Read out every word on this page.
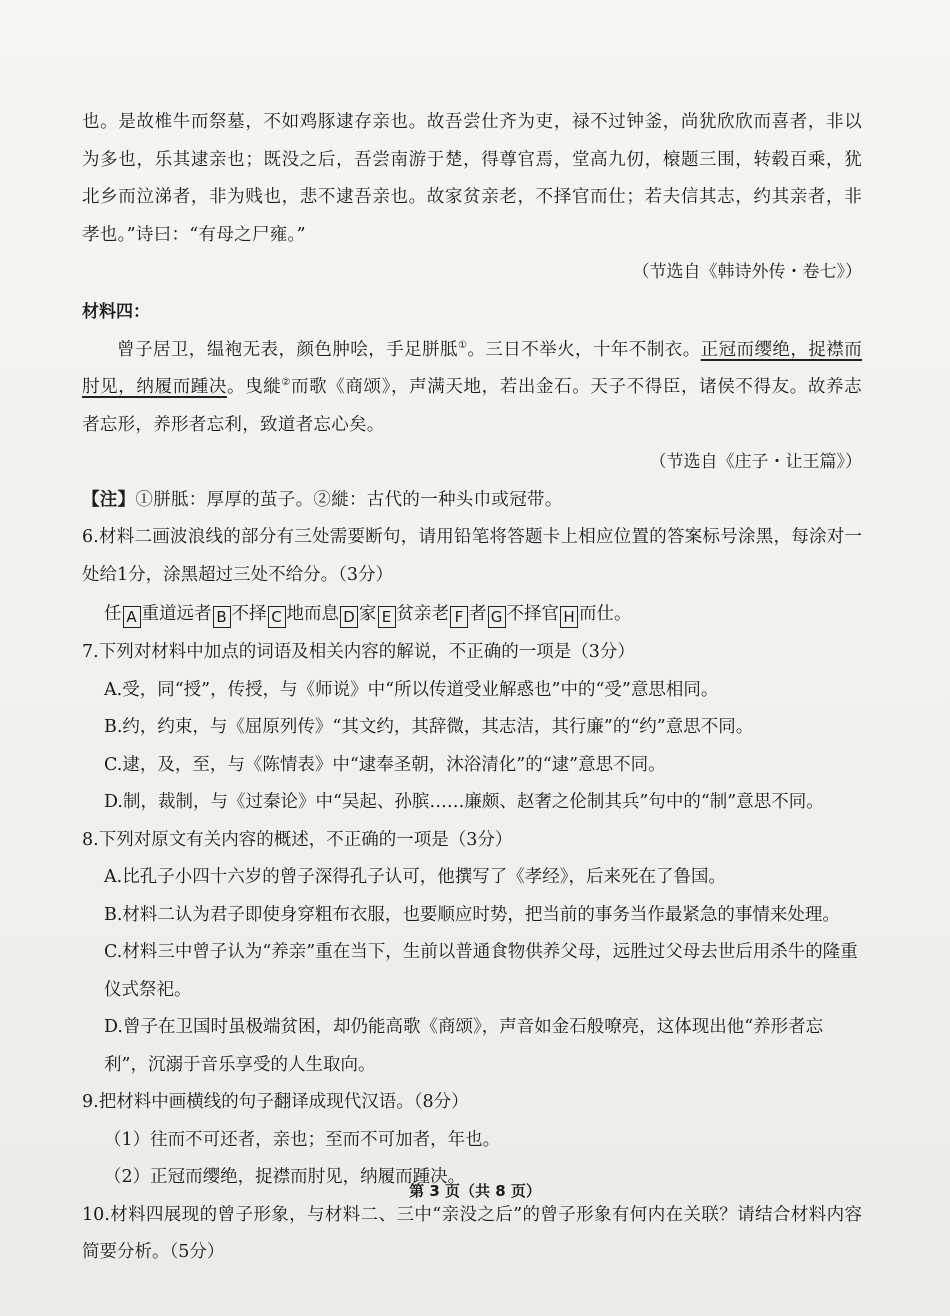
也。是故椎牛而祭墓，不如鸡豚逮存亲也。故吾尝仕齐为吏，禄不过钟釜，尚犹欣欣而喜者，非以为多也，乐其逮亲也；既没之后，吾尝南游于楚，得尊官焉，堂高九仞，榱题三围，转毂百乘，犹北乡而泣涕者，非为贱也，悲不逮吾亲也。故家贫亲老，不择官而仕；若夫信其志，约其亲者，非孝也。”诗曰：“有母之尸雍。”

（节选自《韩诗外传・卷七》）

材料四：

曾子居卫，缊袍无表，颜色肿哙，手足胼胝①。三日不举火，十年不制衣。正冠而缨绝，捉襟而肘见，纳履而踵决。曳縰②而歌《商颂》，声满天地，若出金石。天子不得臣，诸侯不得友。故养志者忘形，养形者忘利，致道者忘心矣。

（节选自《庄子・让王篇》）

【注】①胼胝：厚厚的茧子。②縰：古代的一种头巾或冠带。

6.材料二画波浪线的部分有三处需要断句，请用铅笔将答题卡上相应位置的答案标号涂黑，每涂对一处给1分，涂黑超过三处不给分。（3分）

任 A 重道远者 B 不择 C 地而息 D 家 E 贫亲老 F 者 G 不择官 H 而仕。

7.下列对材料中加点的词语及相关内容的解说，不正确的一项是（3分）

A.受，同“授”，传授，与《师说》中“所以传道受业解惑也”中的“受”意思相同。

B.约，约束，与《屈原列传》“其文约，其辞微，其志洁，其行廉”的“约”意思不同。

C.逮，及，至，与《陈情表》中“逮奉圣朝，沐浴清化”的“逮”意思不同。

D.制，裁制，与《过秦论》中“吴起、孙膑……廉颇、赵奢之伦制其兵”句中的“制”意思不同。

8.下列对原文有关内容的概述，不正确的一项是（3分）

A.比孔子小四十六岁的曾子深得孔子认可，他撰写了《孝经》，后来死在了鲁国。

B.材料二认为君子即使身穿粗布衣服，也要顺应时势，把当前的事务当作最紧急的事情来处理。

C.材料三中曾子认为“养亲”重在当下，生前以普通食物供养父母，远胜过父母去世后用杀牛的隆重仪式祭祀。

D.曾子在卫国时虽极端贫困，却仍能高歌《商颂》，声音如金石般嘹亮，这体现出他“养形者忘利”，沉溺于音乐享受的人生取向。

9.把材料中画横线的句子翻译成现代汉语。（8分）

（1）往而不可还者，亲也；至而不可加者，年也。

（2）正冠而缨绝，捉襟而肘见，纳履而踵决。

10.材料四展现的曾子形象，与材料二、三中“亲没之后”的曾子形象有何内在关联？请结合材料内容简要分析。（5分）

第 3 页（共 8 页）
